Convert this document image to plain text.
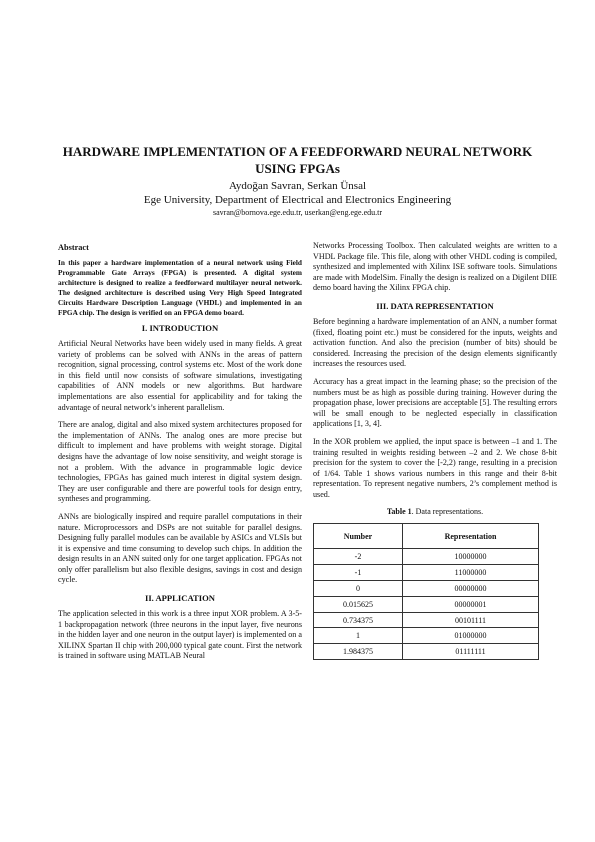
HARDWARE IMPLEMENTATION OF A FEEDFORWARD NEURAL NETWORK USING FPGAs
Aydoğan Savran, Serkan Ünsal
Ege University, Department of Electrical and Electronics Engineering
savran@bornova.ege.edu.tr, userkan@eng.ege.edu.tr
Abstract

In this paper a hardware implementation of a neural network using Field Programmable Gate Arrays (FPGA) is presented. A digital system architecture is designed to realize a feedforward multilayer neural network. The designed architecture is described using Very High Speed Integrated Circuits Hardware Description Language (VHDL) and implemented in an FPGA chip. The design is verified on an FPGA demo board.

I. INTRODUCTION

Artificial Neural Networks have been widely used in many fields. A great variety of problems can be solved with ANNs in the areas of pattern recognition, signal processing, control systems etc. Most of the work done in this field until now consists of software simulations, investigating capabilities of ANN models or new algorithms. But hardware implementations are also essential for applicability and for taking the advantage of neural network’s inherent parallelism.

There are analog, digital and also mixed system architectures proposed for the implementation of ANNs. The analog ones are more precise but difficult to implement and have problems with weight storage. Digital designs have the advantage of low noise sensitivity, and weight storage is not a problem. With the advance in programmable logic device technologies, FPGAs has gained much interest in digital system design. They are user configurable and there are powerful tools for design entry, syntheses and programming.

ANNs are biologically inspired and require parallel computations in their nature. Microprocessors and DSPs are not suitable for parallel designs. Designing fully parallel modules can be available by ASICs and VLSIs but it is expensive and time consuming to develop such chips. In addition the design results in an ANN suited only for one target application. FPGAs not only offer parallelism but also flexible designs, savings in cost and design cycle.

II. APPLICATION

The application selected in this work is a three input XOR problem. A 3-5-1 backpropagation network (three neurons in the input layer, five neurons in the hidden layer and one neuron in the output layer) is implemented on a XILINX Spartan II chip with 200,000 typical gate count. First the network is trained in software using MATLAB Neural

Networks Processing Toolbox. Then calculated weights are written to a VHDL Package file. This file, along with other VHDL coding is compiled, synthesized and implemented with Xilinx ISE software tools. Simulations are made with ModelSim. Finally the design is realized on a Digilent DIIE demo board having the Xilinx FPGA chip.

III. DATA REPRESENTATION

Before beginning a hardware implementation of an ANN, a number format (fixed, floating point etc.) must be considered for the inputs, weights and activation function. And also the precision (number of bits) should be considered. Increasing the precision of the design elements significantly increases the resources used.

Accuracy has a great impact in the learning phase; so the precision of the numbers must be as high as possible during training. However during the propagation phase, lower precisions are acceptable [5]. The resulting errors will be small enough to be neglected especially in classification applications [1, 3, 4].

In the XOR problem we applied, the input space is between –1 and 1. The training resulted in weights residing between –2 and 2. We chose 8-bit precision for the system to cover the [-2,2) range, resulting in a precision of 1/64. Table 1 shows various numbers in this range and their 8-bit representation. To represent negative numbers, 2’s complement method is used.

Table 1. Data representations.
Number	Representation
-2	10000000
-1	11000000
0	00000000
0.015625	00000001
0.734375	00101111
1	01000000
1.984375	01111111
